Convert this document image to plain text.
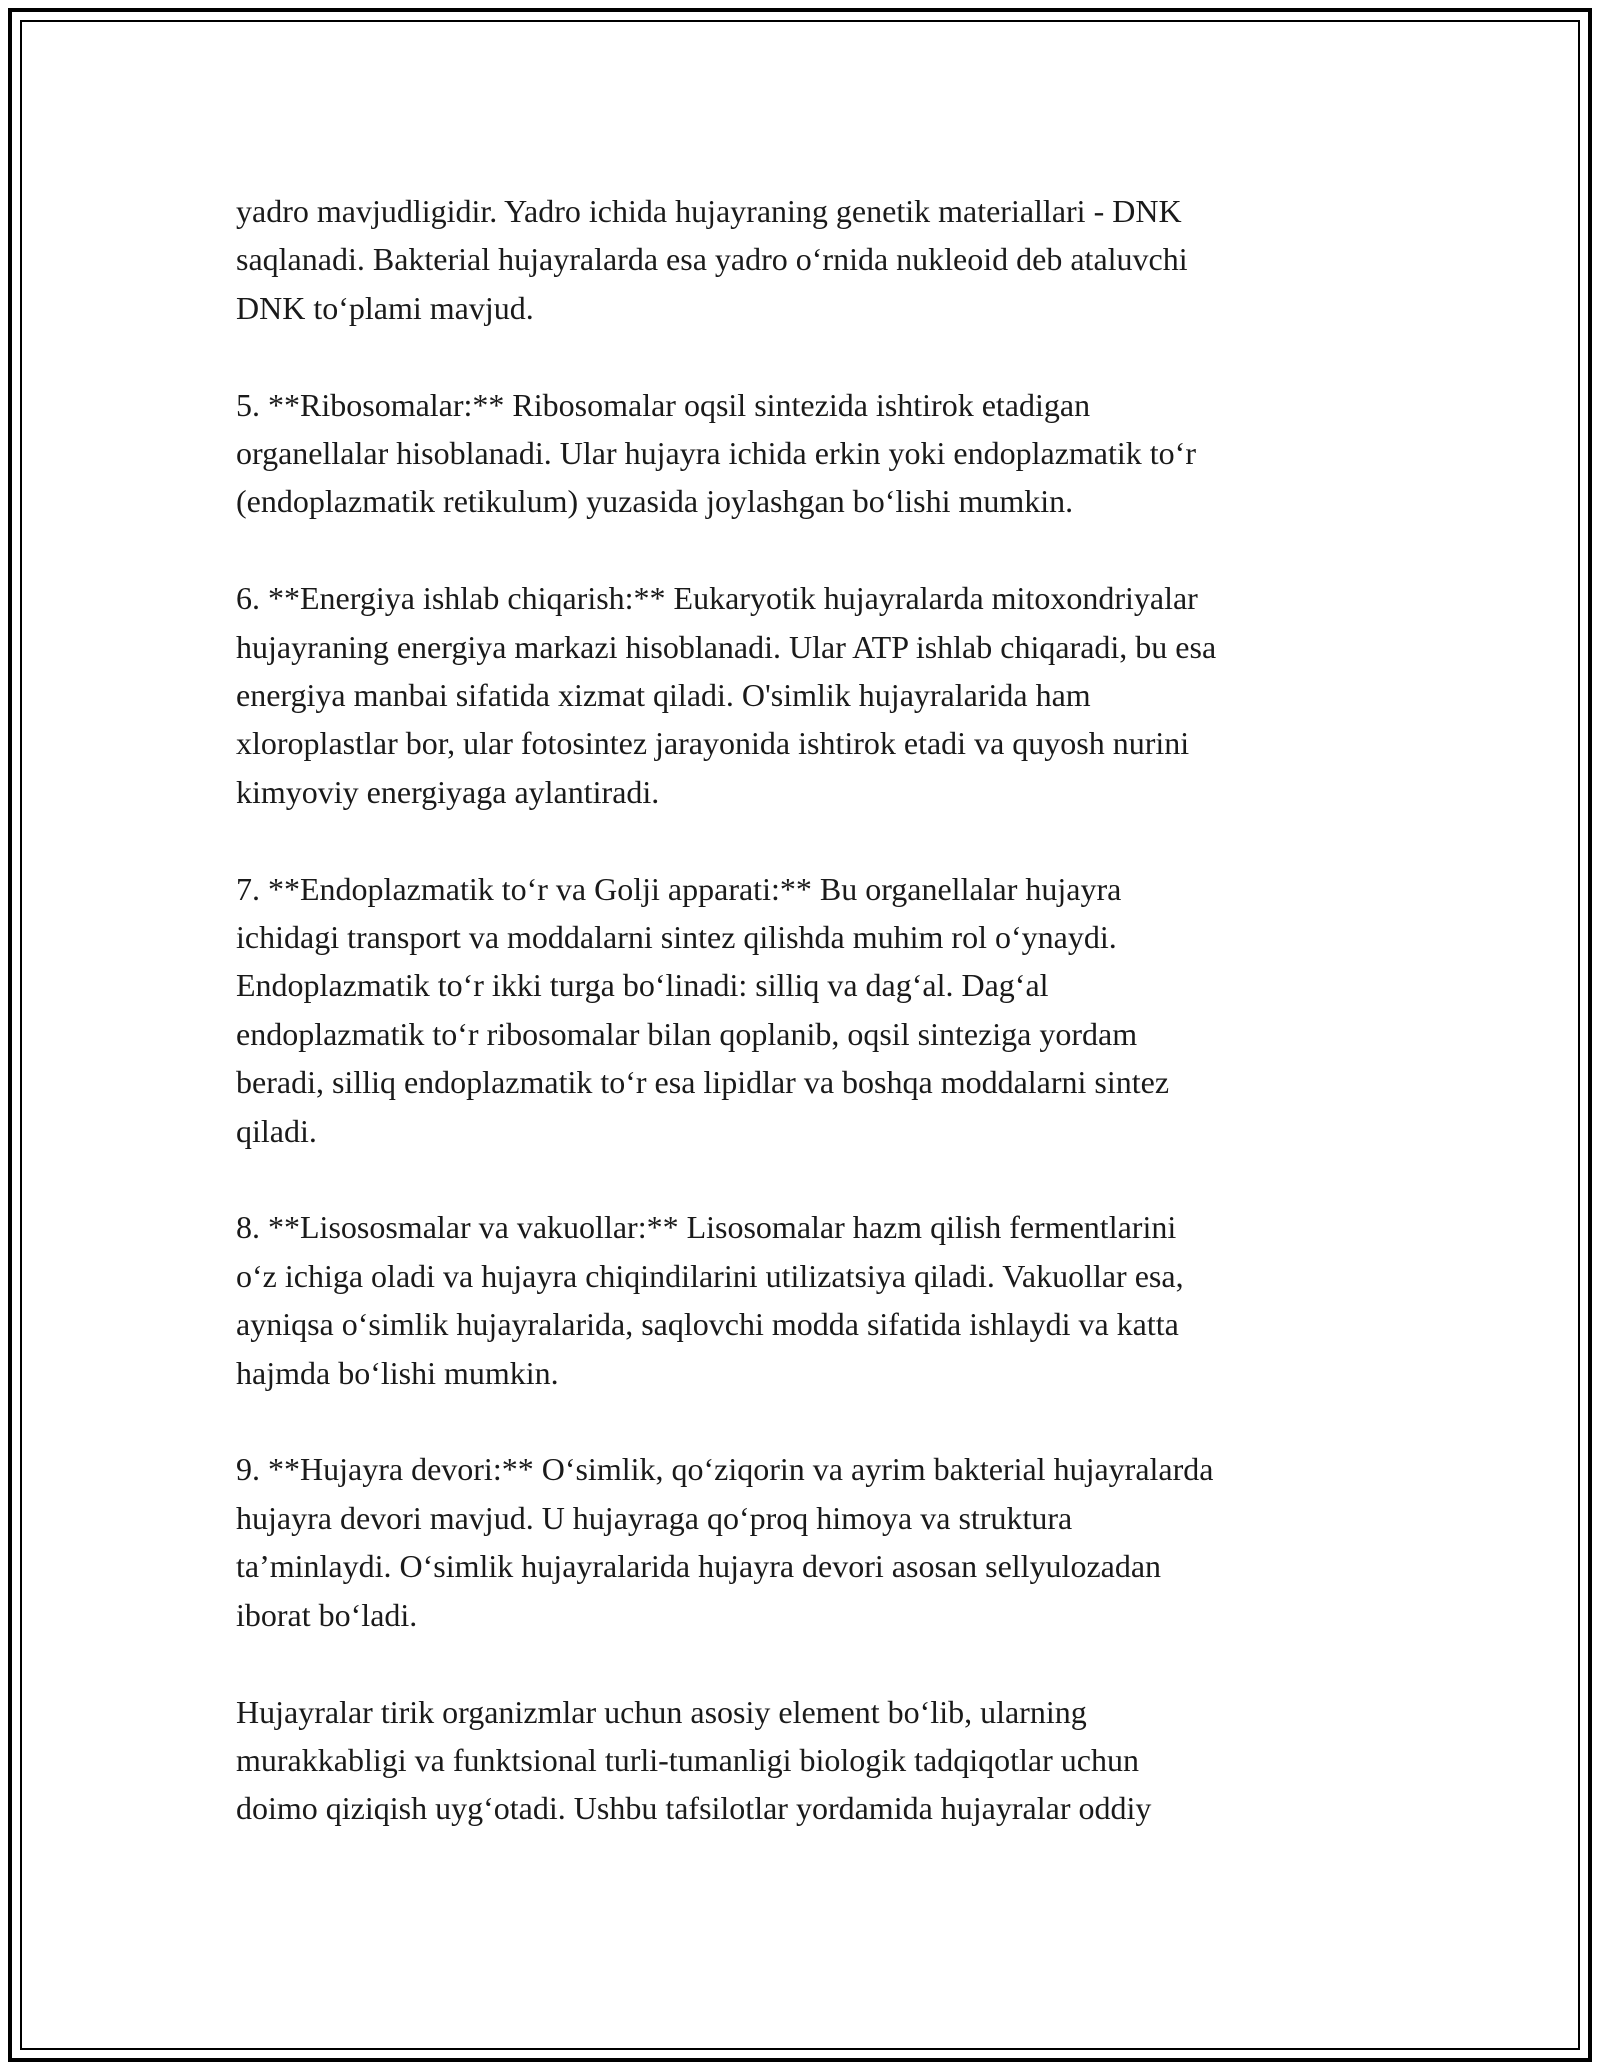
yadro mavjudligidir. Yadro ichida hujayraning genetik materiallari - DNK
saqlanadi. Bakterial hujayralarda esa yadro o‘rnida nukleoid deb ataluvchi
DNK to‘plami mavjud.

5. **Ribosomalar:** Ribosomalar oqsil sintezida ishtirok etadigan
organellalar hisoblanadi. Ular hujayra ichida erkin yoki endoplazmatik to‘r
(endoplazmatik retikulum) yuzasida joylashgan bo‘lishi mumkin.

6. **Energiya ishlab chiqarish:** Eukaryotik hujayralarda mitoxondriyalar
hujayraning energiya markazi hisoblanadi. Ular ATP ishlab chiqaradi, bu esa
energiya manbai sifatida xizmat qiladi. O'simlik hujayralarida ham
xloroplastlar bor, ular fotosintez jarayonida ishtirok etadi va quyosh nurini
kimyoviy energiyaga aylantiradi.

7. **Endoplazmatik to‘r va Golji apparati:** Bu organellalar hujayra
ichidagi transport va moddalarni sintez qilishda muhim rol o‘ynaydi.
Endoplazmatik to‘r ikki turga bo‘linadi: silliq va dag‘al. Dag‘al
endoplazmatik to‘r ribosomalar bilan qoplanib, oqsil sinteziga yordam
beradi, silliq endoplazmatik to‘r esa lipidlar va boshqa moddalarni sintez
qiladi.

8. **Lisososmalar va vakuollar:** Lisosomalar hazm qilish fermentlarini
o‘z ichiga oladi va hujayra chiqindilarini utilizatsiya qiladi. Vakuollar esa,
ayniqsa o‘simlik hujayralarida, saqlovchi modda sifatida ishlaydi va katta
hajmda bo‘lishi mumkin.

9. **Hujayra devori:** O‘simlik, qo‘ziqorin va ayrim bakterial hujayralarda
hujayra devori mavjud. U hujayraga qo‘proq himoya va struktura
ta’minlaydi. O‘simlik hujayralarida hujayra devori asosan sellyulozadan
iborat bo‘ladi.

Hujayralar tirik organizmlar uchun asosiy element bo‘lib, ularning
murakkabligi va funktsional turli-tumanligi biologik tadqiqotlar uchun
doimo qiziqish uyg‘otadi. Ushbu tafsilotlar yordamida hujayralar oddiy
